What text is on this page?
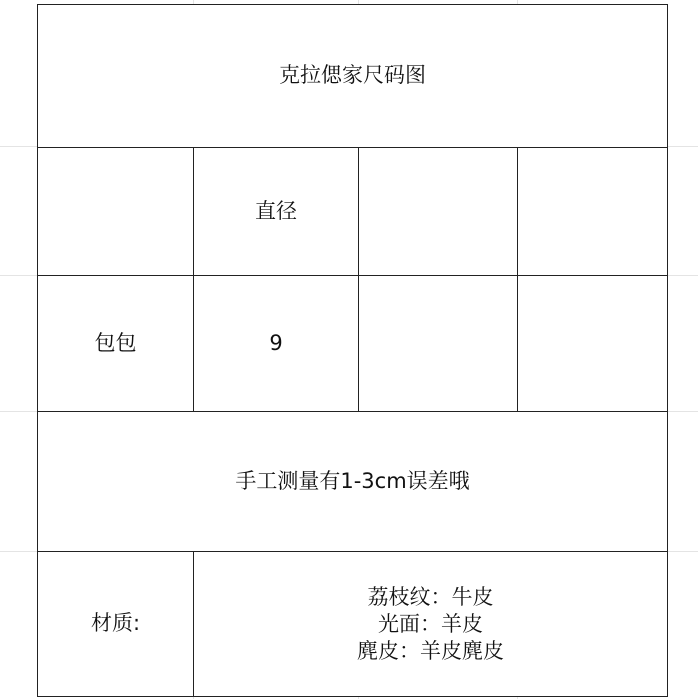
克拉偲家尺码图			
	直径		
包包	9		
手工测量有1-3cm误差哦			
材质:	荔枝纹：牛皮
光面：羊皮
麂皮：羊皮麂皮		
